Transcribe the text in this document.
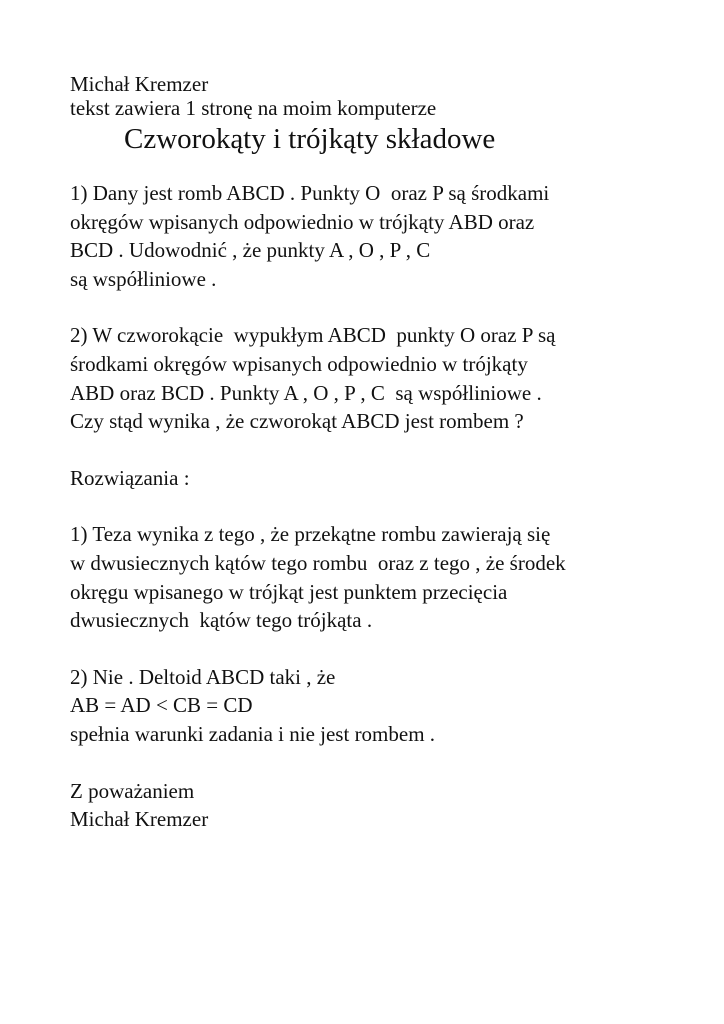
Michał Kremzer
tekst zawiera 1 stronę na moim komputerze
Czworokąty i trójkąty składowe

1) Dany jest romb ABCD . Punkty O  oraz P są środkami
okręgów wpisanych odpowiednio w trójkąty ABD oraz
BCD . Udowodnić , że punkty A , O , P , C
są współliniowe .

2) W czworokącie  wypukłym ABCD  punkty O oraz P są
środkami okręgów wpisanych odpowiednio w trójkąty
ABD oraz BCD . Punkty A , O , P , C  są współliniowe .
Czy stąd wynika , że czworokąt ABCD jest rombem ?

Rozwiązania :

1) Teza wynika z tego , że przekątne rombu zawierają się
w dwusiecznych kątów tego rombu  oraz z tego , że środek
okręgu wpisanego w trójkąt jest punktem przecięcia
dwusiecznych  kątów tego trójkąta .

2) Nie . Deltoid ABCD taki , że
AB = AD < CB = CD
spełnia warunki zadania i nie jest rombem .

Z poważaniem
Michał Kremzer
